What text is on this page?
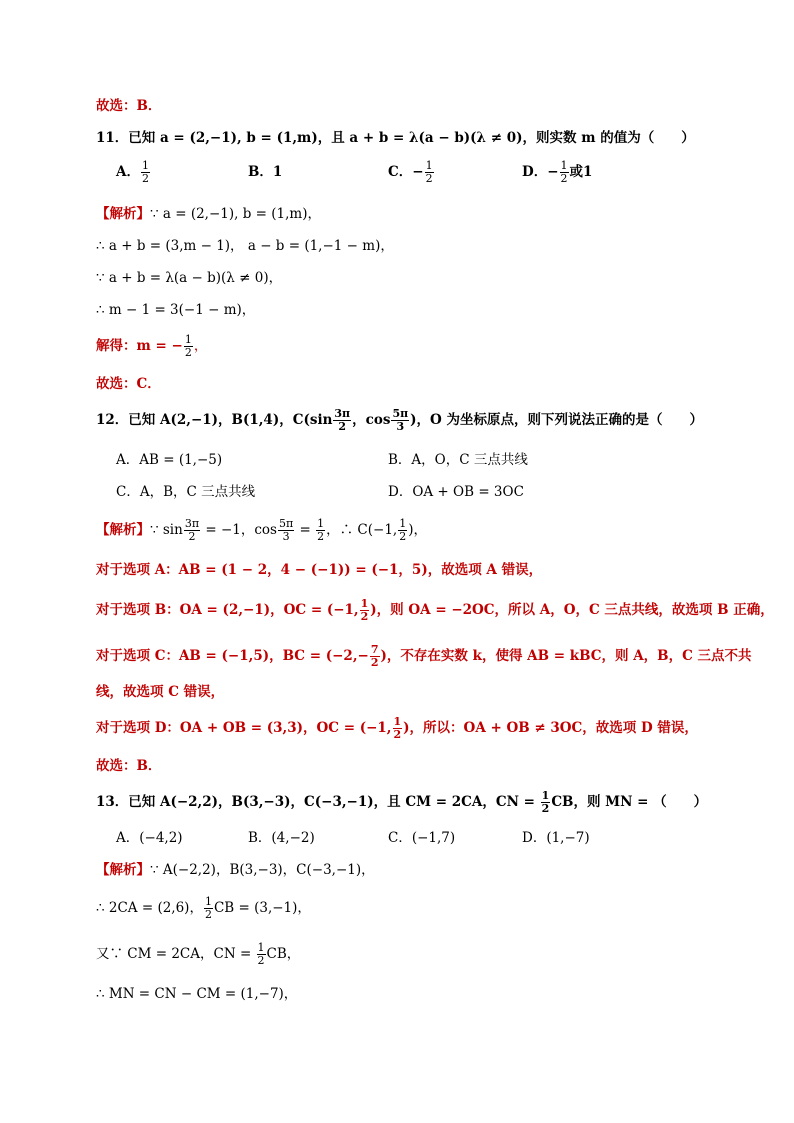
故选：B．
11．已知 a = (2,−1), b = (1,m)，且 a + b = λ(a − b)(λ ≠ 0)，则实数 m 的值为（　　）
A． $\frac{1}{2}$	B．1	C．− $\frac{1}{2}$	D．− $\frac{1}{2}$ 或1
【解析】∵ a = (2,−1), b = (1,m)，
∴ a + b = (3,m − 1)， a − b = (1,−1 − m)，
∵ a + b = λ(a − b)(λ ≠ 0)，
∴ m − 1 = 3(−1 − m)，
解得：m = − $\frac{1}{2}$ ，
故选：C．
12．已知 A(2,−1)，B(1,4)，$C(\sin \frac{3\pi}{2}$ ，$\cos \frac{5\pi}{3}$ )，O 为坐标原点，则下列说法正确的是（　　）
A．AB = (1,−5)	B．A，O，C 三点共线
C．A，B，C 三点共线	D．OA + OB = 3OC
【解析】∵ $\sin \frac{3\pi}{2} = -1$，$\cos \frac{5\pi}{3} = \frac{1}{2}$ ，∴ C(−1, $\frac{1}{2}$ )，
对于选项 A：AB = (1 − 2，4 − (−1)) = (−1，5)，故选项 A 错误，
对于选项 B：OA = (2,−1)，OC = (−1, $\frac{1}{2}$ )，则 OA = −2OC，所以 A，O，C 三点共线，故选项 B 正确，
对于选项 C：AB = (−1,5)，BC = ($-2,- \frac{7}{2}$ )，不存在实数 k，使得 AB = kBC，则 A，B，C 三点不共
线，故选项 C 错误，
对于选项 D：OA + OB = (3,3)，OC = (−1, $\frac{1}{2}$ )，所以：OA + OB ≠ 3OC，故选项 D 错误，
故选：B．
13．已知 A(−2,2)，B(3,−3)，C(−3,−1)，且 CM = 2CA，CN = $\frac{1}{2}$ CB，则 MN = （　　）
A．(−4,2)	B．(4,−2)	C．(−1,7)	D．(1,−7)
【解析】∵ A(−2,2)，B(3,−3)，C(−3,−1)，
∴ 2CA = (2,6)， $\frac{1}{2}$ CB = (3,−1)，
又∵ CM = 2CA，CN = $\frac{1}{2}$ CB，
∴ MN = CN − CM = (1,−7)，
